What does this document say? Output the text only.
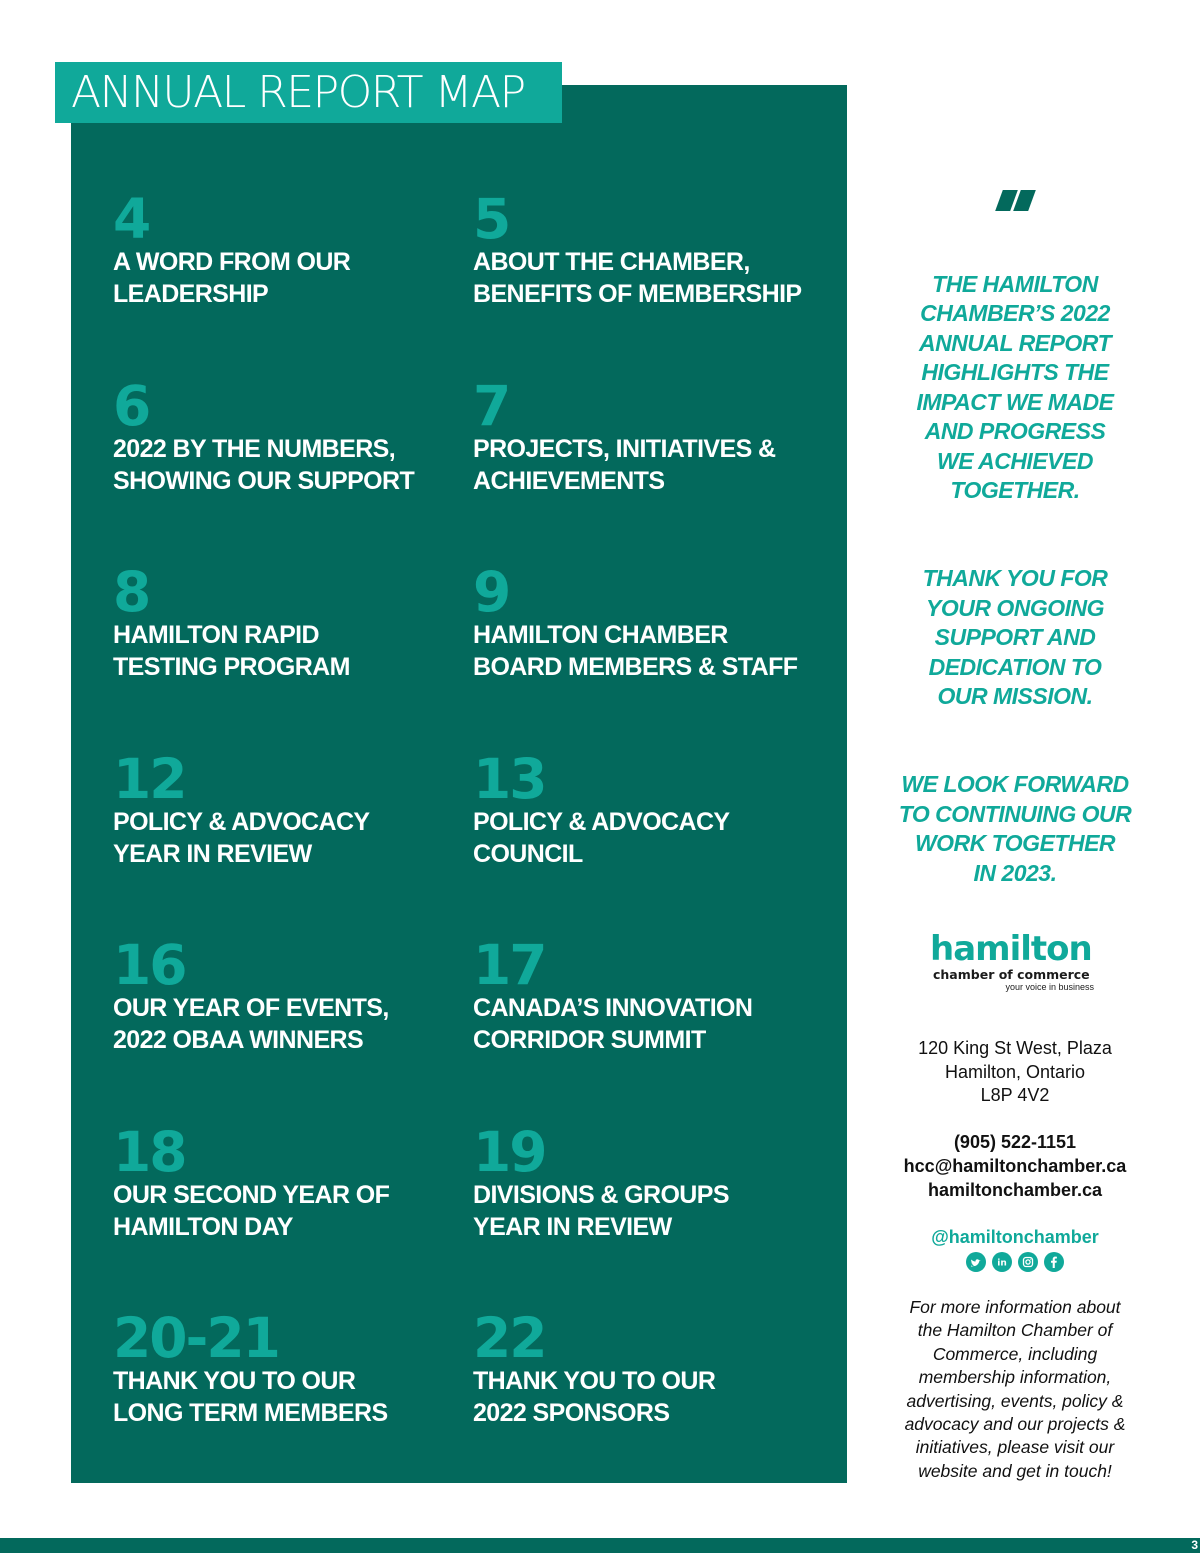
ANNUAL REPORT MAP
4
A WORD FROM OUR
LEADERSHIP
5
ABOUT THE CHAMBER,
BENEFITS OF MEMBERSHIP
6
2022 BY THE NUMBERS,
SHOWING OUR SUPPORT
7
PROJECTS, INITIATIVES &
ACHIEVEMENTS
8
HAMILTON RAPID
TESTING PROGRAM
9
HAMILTON CHAMBER
BOARD MEMBERS & STAFF
12
POLICY & ADVOCACY
YEAR IN REVIEW
13
POLICY & ADVOCACY
COUNCIL
16
OUR YEAR OF EVENTS,
2022 OBAA WINNERS
17
CANADA’S INNOVATION
CORRIDOR SUMMIT
18
OUR SECOND YEAR OF
HAMILTON DAY
19
DIVISIONS & GROUPS
YEAR IN REVIEW
20-21
THANK YOU TO OUR
LONG TERM MEMBERS
22
THANK YOU TO OUR
2022 SPONSORS

THE HAMILTON
CHAMBER’S 2022
ANNUAL REPORT
HIGHLIGHTS THE
IMPACT WE MADE
AND PROGRESS
WE ACHIEVED
TOGETHER.

THANK YOU FOR
YOUR ONGOING
SUPPORT AND
DEDICATION TO
OUR MISSION.

WE LOOK FORWARD
TO CONTINUING OUR
WORK TOGETHER
IN 2023.

hamilton
chamber of commerce
your voice in business
120 King St West, Plaza
Hamilton, Ontario
L8P 4V2
(905) 522-1151
hcc@hamiltonchamber.ca
hamiltonchamber.ca
@hamiltonchamber
in
For more information about
the Hamilton Chamber of
Commerce, including
membership information,
advertising, events, policy &
advocacy and our projects &
initiatives, please visit our
website and get in touch!
3
